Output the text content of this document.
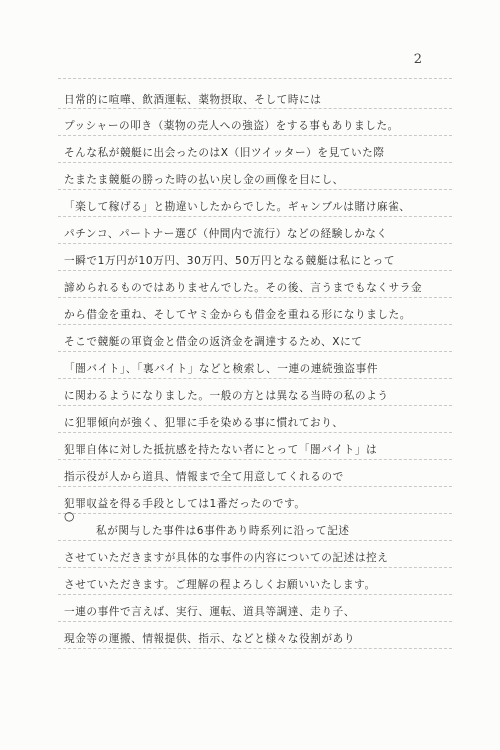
2
日常的に喧嘩、飲酒運転、薬物摂取、そして時には
プッシャーの叩き（薬物の売人への強盗）をする事もありました。
そんな私が競艇に出会ったのはX（旧ツイッター）を見ていた際
たまたま競艇の勝った時の払い戻し金の画像を目にし、
「楽して稼げる」と勘違いしたからでした。ギャンブルは賭け麻雀、
パチンコ、パートナー選び（仲間内で流行）などの経験しかなく
一瞬で1万円が10万円、30万円、50万円となる競艇は私にとって
諦められるものではありませんでした。その後、言うまでもなくサラ金
から借金を重ね、そしてヤミ金からも借金を重ねる形になりました。
そこで競艇の軍資金と借金の返済金を調達するため、Xにて
「闇バイト」、「裏バイト」などと検索し、一連の連続強盗事件
に関わるようになりました。一般の方とは異なる当時の私のよう
に犯罪傾向が強く、犯罪に手を染める事に慣れており、
犯罪自体に対した抵抗感を持たない者にとって「闇バイト」は
指示役が人から道具、情報まで全て用意してくれるので
犯罪収益を得る手段としては1番だったのです。
○
私が関与した事件は6事件あり時系列に沿って記述
させていただきますが具体的な事件の内容についての記述は控え
させていただきます。ご理解の程よろしくお願いいたします。
一連の事件で言えば、実行、運転、道具等調達、走り子、
現金等の運搬、情報提供、指示、などと様々な役割があり
